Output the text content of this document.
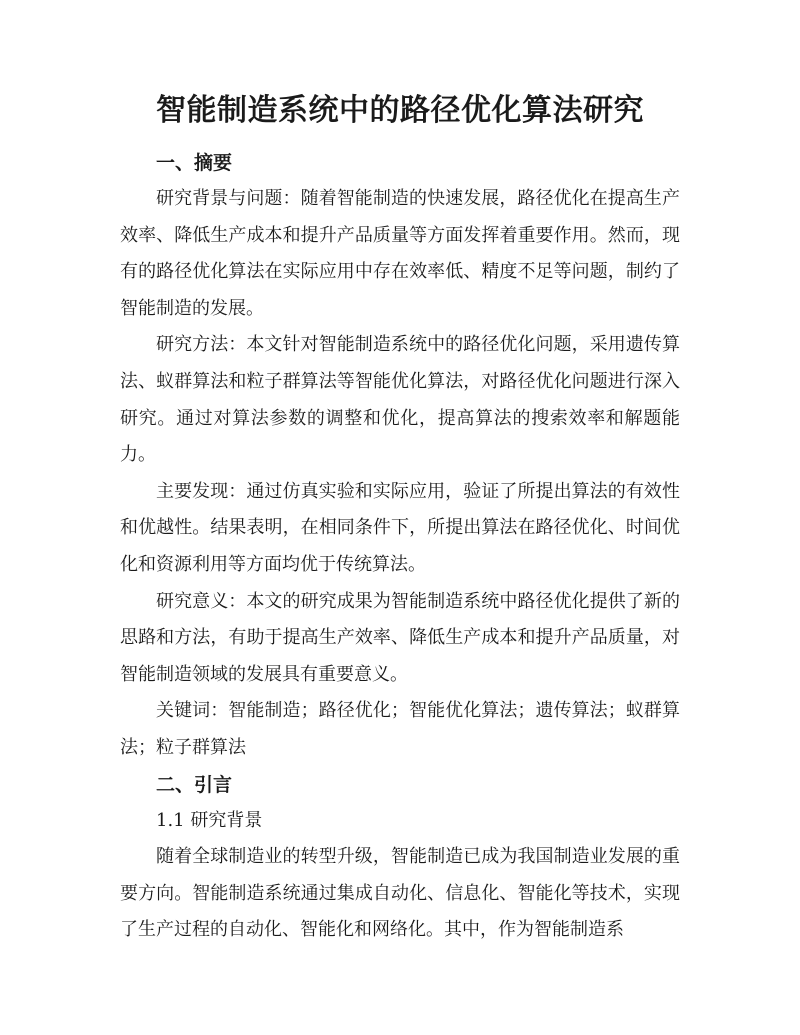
智能制造系统中的路径优化算法研究
一、摘要

研究背景与问题：随着智能制造的快速发展，路径优化在提高生产效率、降低生产成本和提升产品质量等方面发挥着重要作用。然而，现有的路径优化算法在实际应用中存在效率低、精度不足等问题，制约了智能制造的发展。

研究方法：本文针对智能制造系统中的路径优化问题，采用遗传算法、蚁群算法和粒子群算法等智能优化算法，对路径优化问题进行深入研究。通过对算法参数的调整和优化，提高算法的搜索效率和解题能力。

主要发现：通过仿真实验和实际应用，验证了所提出算法的有效性和优越性。结果表明，在相同条件下，所提出算法在路径优化、时间优化和资源利用等方面均优于传统算法。

研究意义：本文的研究成果为智能制造系统中路径优化提供了新的思路和方法，有助于提高生产效率、降低生产成本和提升产品质量，对智能制造领域的发展具有重要意义。

关键词：智能制造；路径优化；智能优化算法；遗传算法；蚁群算法；粒子群算法

二、引言

1.1 研究背景

随着全球制造业的转型升级，智能制造已成为我国制造业发展的重要方向。智能制造系统通过集成自动化、信息化、智能化等技术，实现了生产过程的自动化、智能化和网络化。其中，作为智能制造系
